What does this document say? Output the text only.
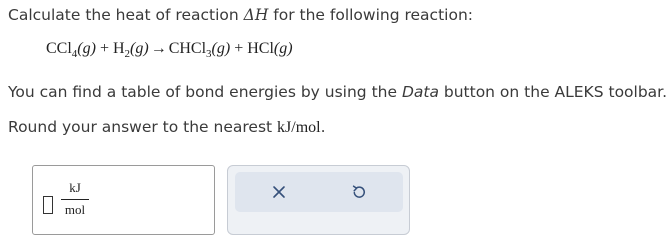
Calculate the heat of reaction ΔH for the following reaction:
$CCl_4(g) + H_2(g)$ → CHCl$_3$(g) + HCl(g)
You can find a table of bond energies by using the Data button on the ALEKS toolbar.
Round your answer to the nearest kJ/mol.
kJ
mol
